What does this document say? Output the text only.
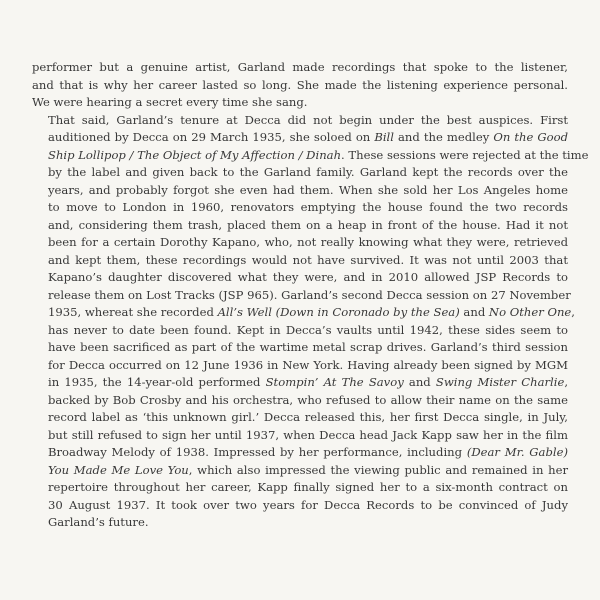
performer but a genuine artist, Garland made recordings that spoke to the listener,
and that is why her career lasted so long. She made the listening experience personal.
We were hearing a secret every time she sang.

That said, Garland’s tenure at Decca did not begin under the best auspices. First
auditioned by Decca on 29 March 1935, she soloed on Bill and the medley On the Good
Ship Lollipop / The Object of My Affection / Dinah. These sessions were rejected at the time
by the label and given back to the Garland family. Garland kept the records over the
years, and probably forgot she even had them. When she sold her Los Angeles home
to move to London in 1960, renovators emptying the house found the two records
and, considering them trash, placed them on a heap in front of the house. Had it not
been for a certain Dorothy Kapano, who, not really knowing what they were, retrieved
and kept them, these recordings would not have survived. It was not until 2003 that
Kapano’s daughter discovered what they were, and in 2010 allowed JSP Records to
release them on Lost Tracks (JSP 965). Garland’s second Decca session on 27 November
1935, whereat she recorded All’s Well (Down in Coronado by the Sea) and No Other One,
has never to date been found. Kept in Decca’s vaults until 1942, these sides seem to
have been sacrificed as part of the wartime metal scrap drives. Garland’s third session
for Decca occurred on 12 June 1936 in New York. Having already been signed by MGM
in 1935, the 14-year-old performed Stompin’ At The Savoy and Swing Mister Charlie,
backed by Bob Crosby and his orchestra, who refused to allow their name on the same
record label as ‘this unknown girl.’ Decca released this, her first Decca single, in July,
but still refused to sign her until 1937, when Decca head Jack Kapp saw her in the film
Broadway Melody of 1938. Impressed by her performance, including (Dear Mr. Gable)
You Made Me Love You, which also impressed the viewing public and remained in her
repertoire throughout her career, Kapp finally signed her to a six-month contract on
30 August 1937. It took over two years for Decca Records to be convinced of Judy
Garland’s future.
